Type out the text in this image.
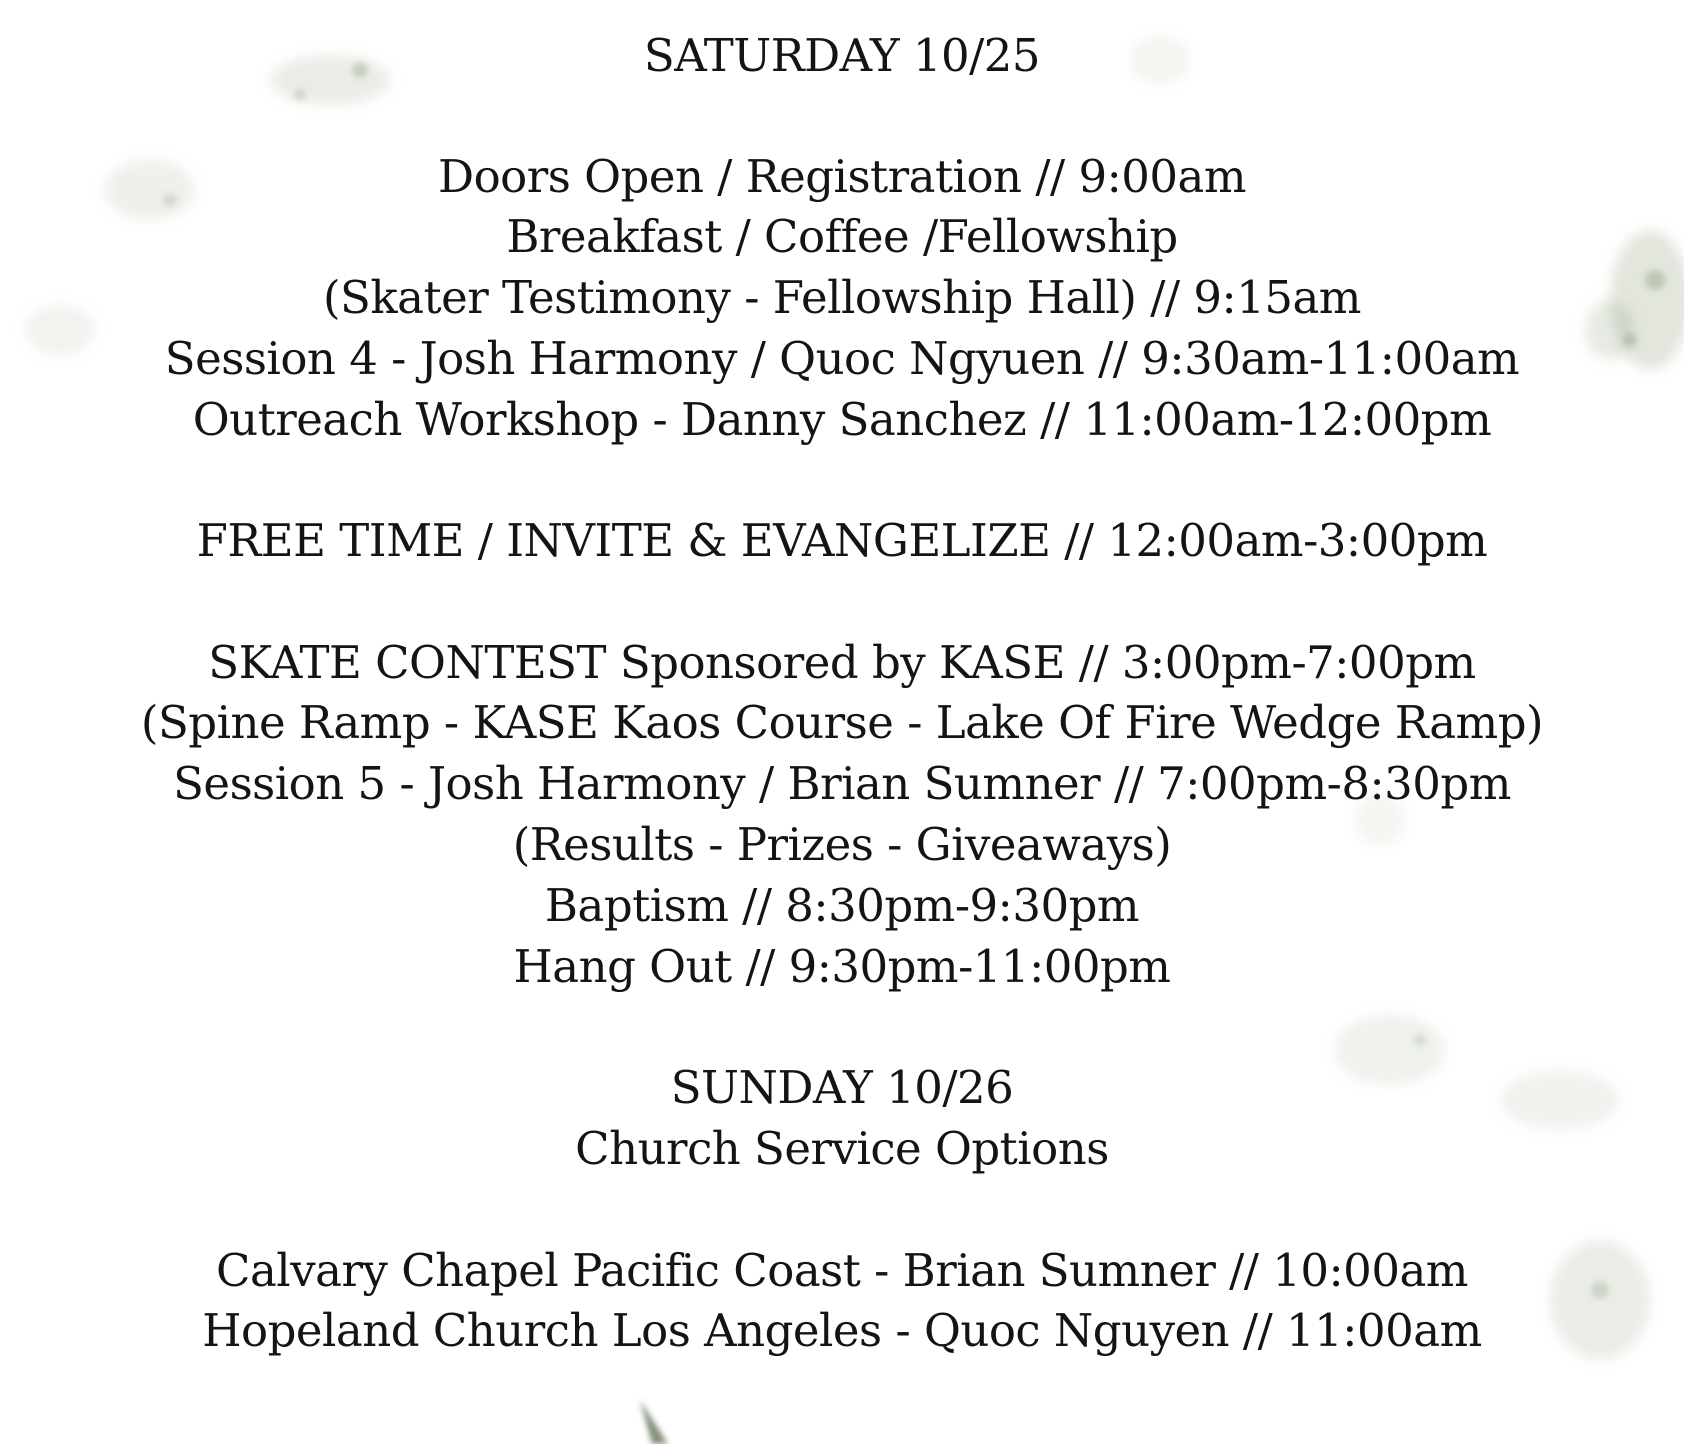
SATURDAY 10/25
Doors Open / Registration // 9:00am
Breakfast / Coffee /Fellowship
(Skater Testimony - Fellowship Hall) // 9:15am
Session 4 - Josh Harmony / Quoc Ngyuen // 9:30am-11:00am
Outreach Workshop - Danny Sanchez // 11:00am-12:00pm
FREE TIME / INVITE & EVANGELIZE // 12:00am-3:00pm
SKATE CONTEST Sponsored by KASE // 3:00pm-7:00pm
(Spine Ramp - KASE Kaos Course - Lake Of Fire Wedge Ramp)
Session 5 - Josh Harmony / Brian Sumner // 7:00pm-8:30pm
(Results - Prizes - Giveaways)
Baptism // 8:30pm-9:30pm
Hang Out // 9:30pm-11:00pm
SUNDAY 10/26
Church Service Options
Calvary Chapel Pacific Coast - Brian Sumner // 10:00am
Hopeland Church Los Angeles - Quoc Nguyen // 11:00am
